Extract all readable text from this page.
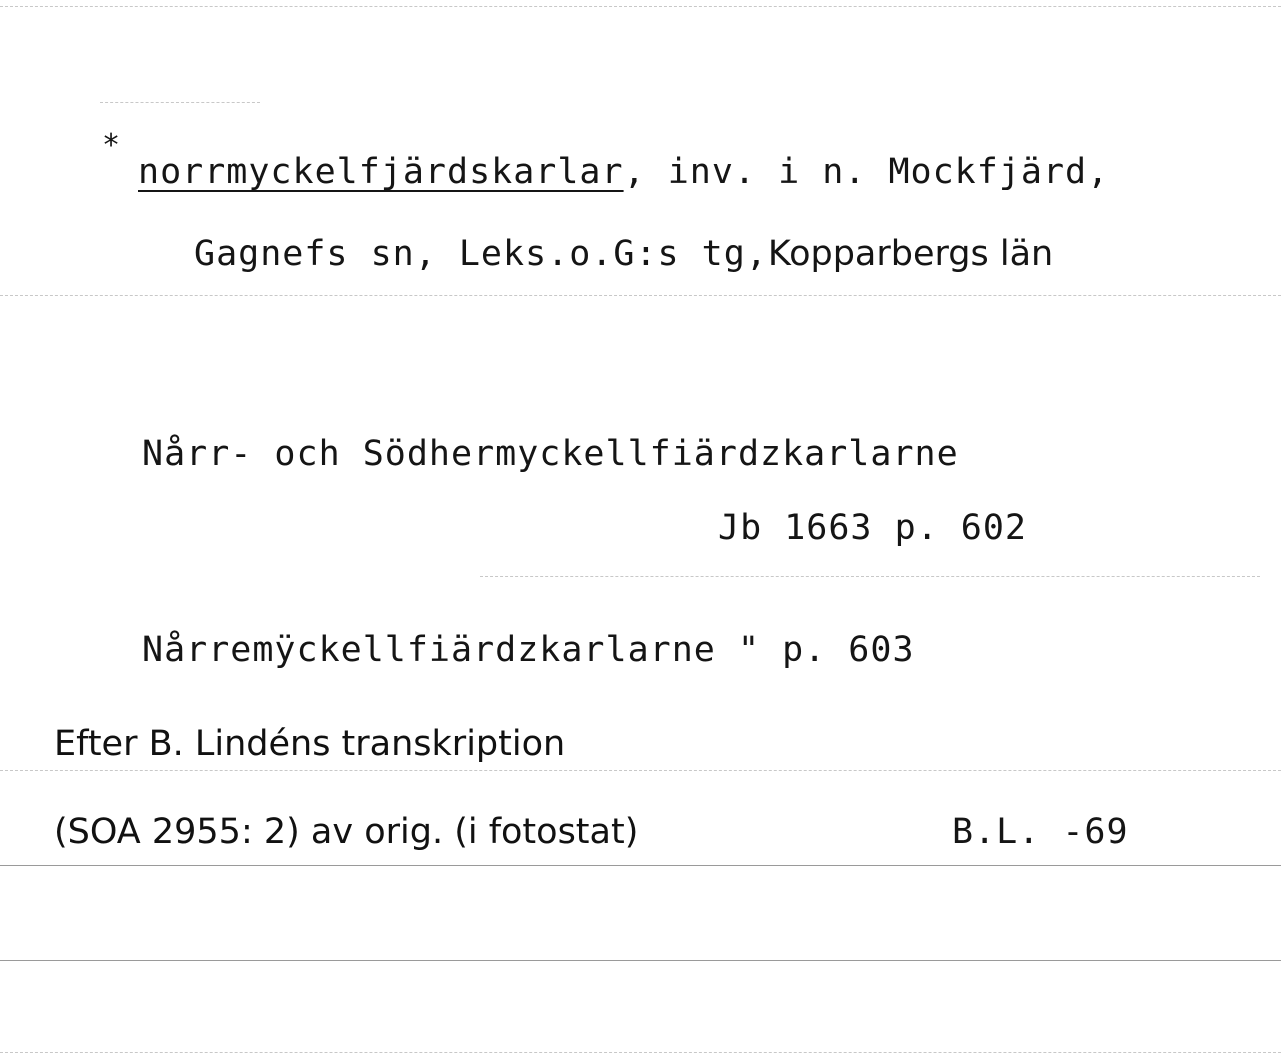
*
norrmyckelfjärdskarlar, inv. i n. Mockfjärd,
Gagnefs sn, Leks.o.G:s tg,Kopparbergs län
Nårr- och Södhermyckellfiärdzkarlarne
Jb 1663 p. 602
Nårremÿckellfiärdzkarlarne " p. 603
Efter B. Lindéns transkription
(SOA 2955: 2) av orig. (i fotostat)	B.L. -69
